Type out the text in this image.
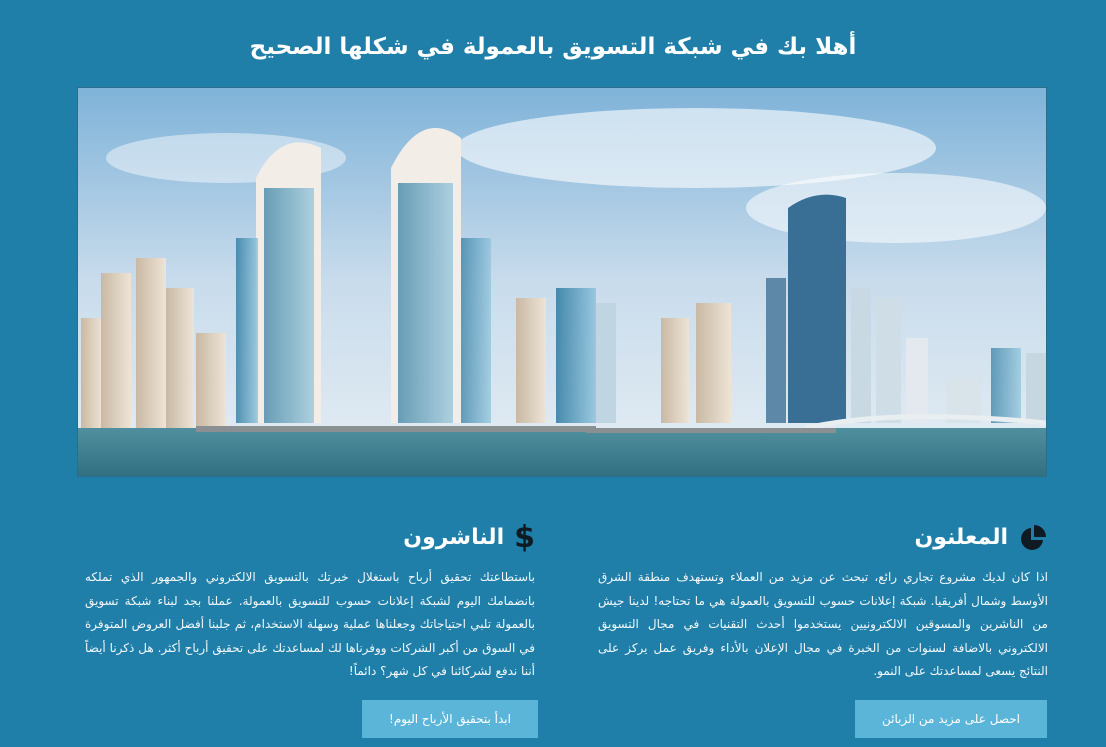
أهلا بك في شبكة التسويق بالعمولة في شكلها الصحيح
المعلنون

اذا كان لديك مشروع تجاري رائع، تبحث عن مزيد من العملاء وتستهدف منطقة الشرق الأوسط وشمال أفريقيا. شبكة إعلانات حسوب للتسويق بالعمولة هي ما تحتاجه! لدينا جيش من الناشرين والمسوقين الالكترونيين يستخدموا أحدث التقنيات في مجال التسويق الالكتروني بالاضافة لسنوات من الخبرة في مجال الإعلان بالأداء وفريق عمل يركز على النتائج يسعى لمساعدتك على النمو.

$
الناشرون

باستطاعتك تحقيق أرباح باستغلال خبرتك بالتسويق الالكتروني والجمهور الذي تملكه بانضمامك اليوم لشبكة إعلانات حسوب للتسويق بالعمولة. عملنا بجد لبناء شبكة تسويق بالعمولة تلبي احتياجاتك وجعلناها عملية وسهلة الاستخدام، ثم جلبنا أفضل العروض المتوفرة في السوق من أكبر الشركات ووفرناها لك لمساعدتك على تحقيق أرباح أكثر. هل ذكرنا أيضاً أننا ندفع لشركائنا في كل شهر؟ دائماً!

احصل على مزيد من الزبائن
ابدأ بتحقيق الأرباح اليوم!
